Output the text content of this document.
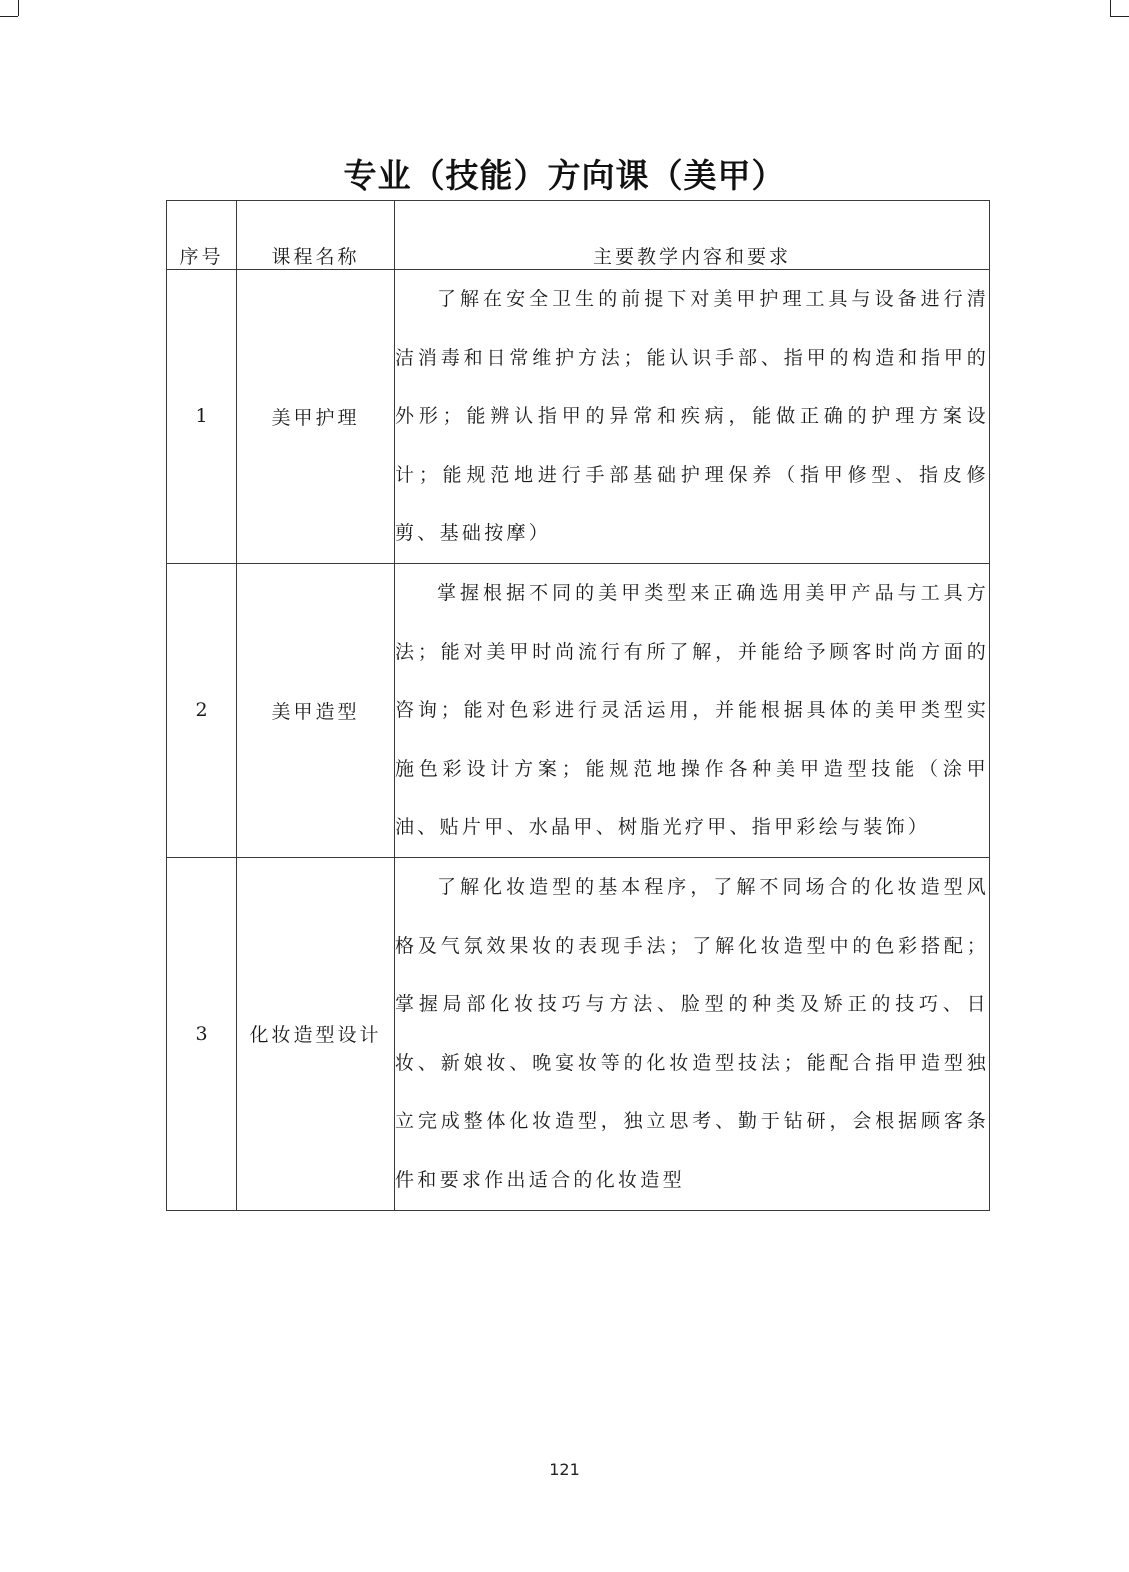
专业（技能）方向课（美甲）
序号	课程名称	主要教学内容和要求
1	美甲护理	了解在安全卫生的前提下对美甲护理工具与设备进行清洁消毒和日常维护方法；能认识手部、指甲的构造和指甲的外形；能辨认指甲的异常和疾病，能做正确的护理方案设计；能规范地进行手部基础护理保养（指甲修型、指皮修剪、基础按摩）
2	美甲造型	掌握根据不同的美甲类型来正确选用美甲产品与工具方法；能对美甲时尚流行有所了解，并能给予顾客时尚方面的咨询；能对色彩进行灵活运用，并能根据具体的美甲类型实施色彩设计方案；能规范地操作各种美甲造型技能（涂甲油、贴片甲、水晶甲、树脂光疗甲、指甲彩绘与装饰）
3	化妆造型设计	了解化妆造型的基本程序，了解不同场合的化妆造型风格及气氛效果妆的表现手法；了解化妆造型中的色彩搭配；掌握局部化妆技巧与方法、脸型的种类及矫正的技巧、日妆、新娘妆、晚宴妆等的化妆造型技法；能配合指甲造型独立完成整体化妆造型，独立思考、勤于钻研，会根据顾客条件和要求作出适合的化妆造型
121
